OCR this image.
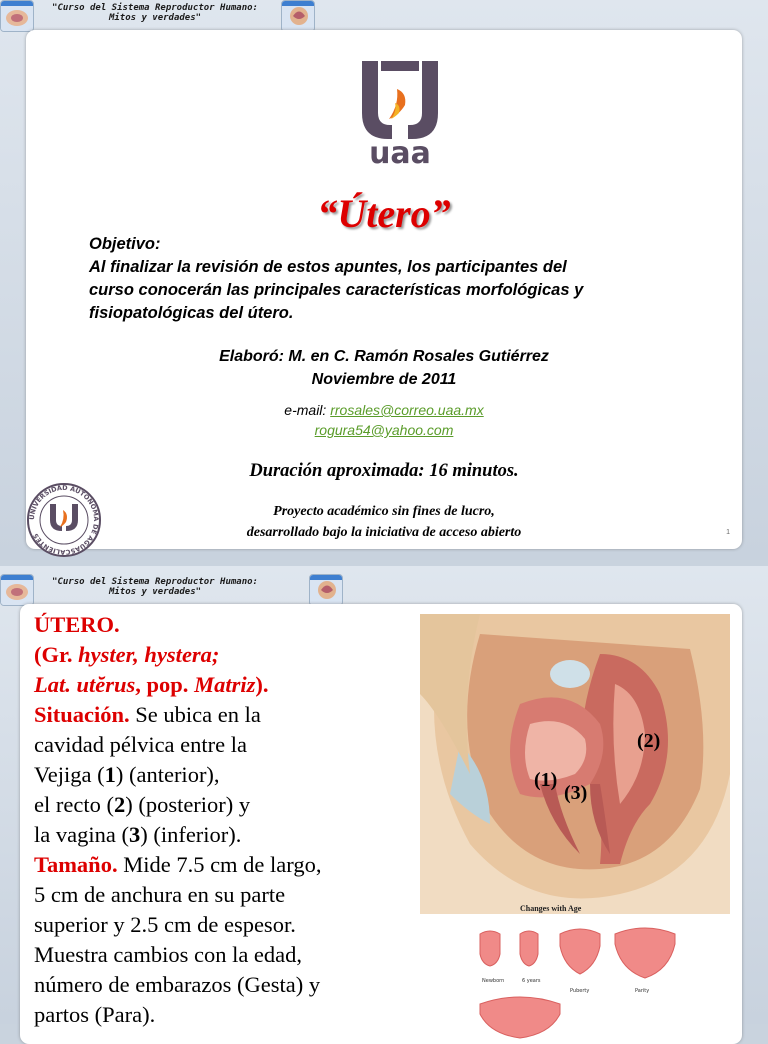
"Curso del Sistema Reproductor Humano:
Mitos y verdades"
uaa
“Útero”
Objetivo:
Al finalizar la revisión de estos apuntes, los participantes del
curso conocerán las principales características morfológicas y
fisiopatológicas del útero.
Elaboró: M. en C. Ramón Rosales Gutiérrez
Noviembre de 2011
e-mail: rrosales@correo.uaa.mx
rogura54@yahoo.com
Duración aproximada: 16 minutos.
Proyecto académico sin fines de lucro,
desarrollado bajo la iniciativa de acceso abierto
UNIVERSIDAD AUTÓNOMA DE AGUASCALIENTES	1
"Curso del Sistema Reproductor Humano:
Mitos y verdades"
ÚTERO.
(Gr. hyster, hystera;
Lat. utĕrus, pop. Matriz).
Situación. Se ubica en la
cavidad pélvica entre la
Vejiga (1) (anterior),
el recto (2) (posterior) y
la vagina (3) (inferior).
Tamaño. Mide 7.5 cm de largo,
5 cm de anchura en su parte
superior y 2.5 cm de espesor.
Muestra cambios con la edad,
número de embarazos (Gesta) y
partos (Para).
(2)
(1)
(3)
Changes with Age
Newborn	6 years
Puberty	Parity
